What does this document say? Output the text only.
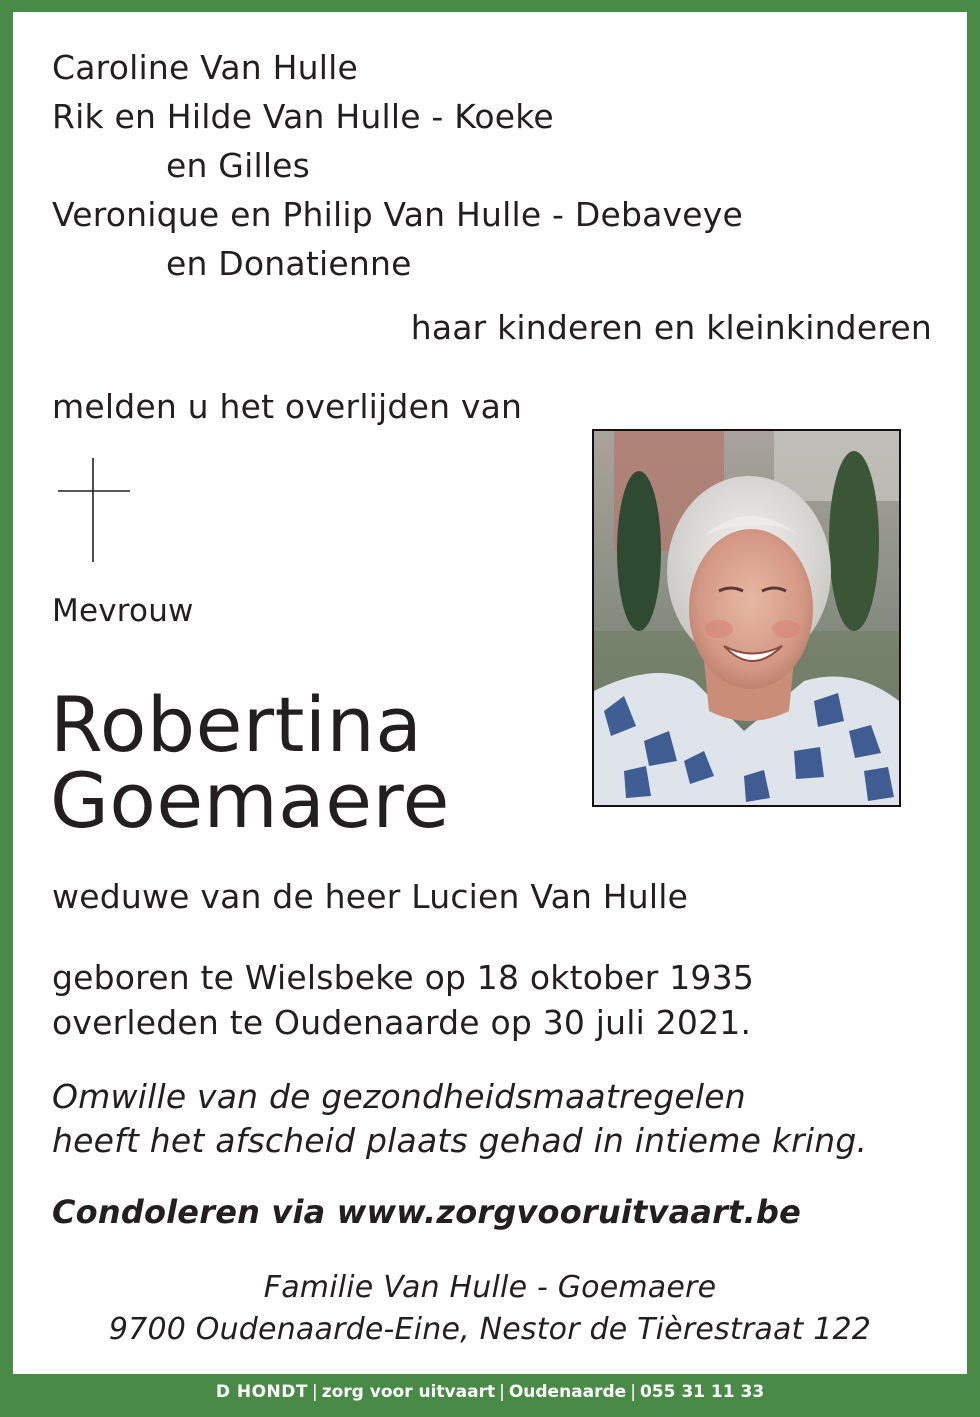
Caroline Van Hulle
Rik en Hilde Van Hulle - Koeke
en Gilles
Veronique en Philip Van Hulle - Debaveye
en Donatienne
haar kinderen en kleinkinderen
melden u het overlijden van
Mevrouw
Robertina
Goemaere
weduwe van de heer Lucien Van Hulle
geboren te Wielsbeke op 18 oktober 1935
overleden te Oudenaarde op 30 juli 2021.
Omwille van de gezondheidsmaatregelen
heeft het afscheid plaats gehad in intieme kring.
Condoleren via www.zorgvooruitvaart.be
Familie Van Hulle - Goemaere
9700 Oudenaarde-Eine, Nestor de Tièrestraat 122
D HONDT | zorg voor uitvaart | Oudenaarde | 055 31 11 33
